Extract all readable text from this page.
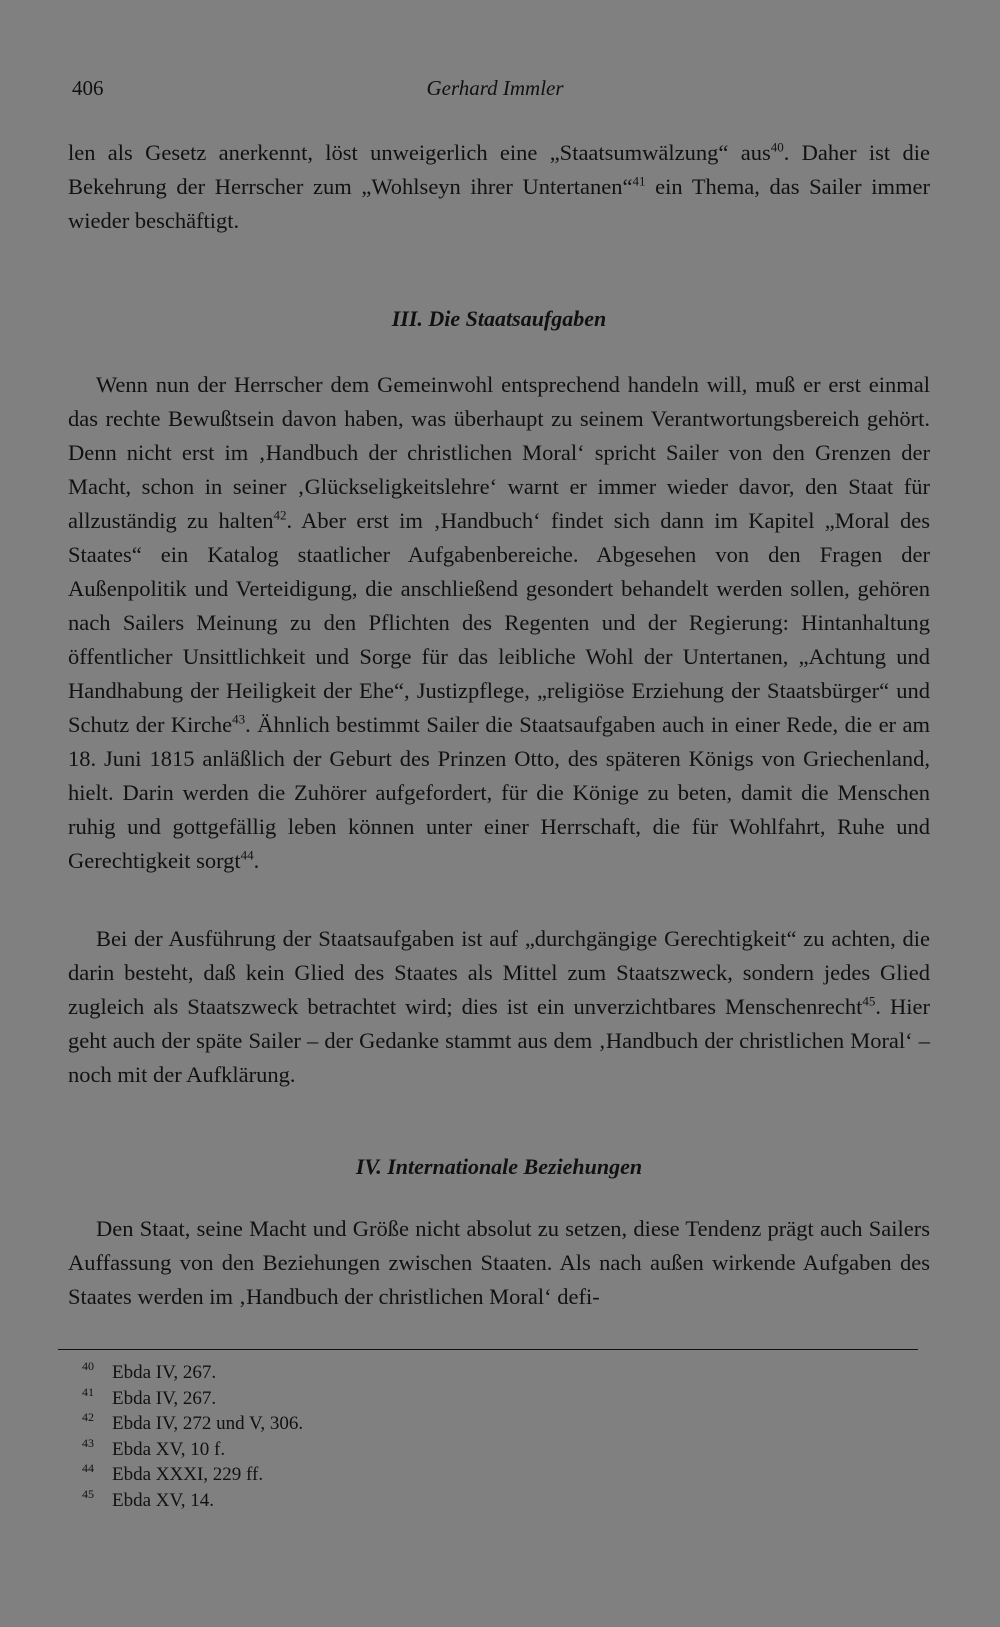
406	Gerhard Immler

len als Gesetz anerkennt, löst unweigerlich eine „Staatsumwälzung“ aus$^{40}$. Daher ist die Bekehrung der Herrscher zum „Wohlseyn ihrer Untertanen“$^{41}$ ein Thema, das Sailer immer wieder beschäftigt.

III. Die Staatsaufgaben

Wenn nun der Herrscher dem Gemeinwohl entsprechend handeln will, muß er erst einmal das rechte Bewußtsein davon haben, was überhaupt zu seinem Verantwortungsbereich gehört. Denn nicht erst im ‚Handbuch der christlichen Moral‘ spricht Sailer von den Grenzen der Macht, schon in seiner ‚Glückseligkeitslehre‘ warnt er immer wieder davor, den Staat für allzuständig zu halten$^{42}$. Aber erst im ‚Handbuch‘ findet sich dann im Kapitel „Moral des Staates“ ein Katalog staatlicher Aufgabenbereiche. Abgesehen von den Fragen der Außenpolitik und Verteidigung, die anschließend gesondert behandelt werden sollen, gehören nach Sailers Meinung zu den Pflichten des Regenten und der Regierung: Hintanhaltung öffentlicher Unsittlichkeit und Sorge für das leibliche Wohl der Untertanen, „Achtung und Handhabung der Heiligkeit der Ehe“, Justizpflege, „religiöse Erziehung der Staatsbürger“ und Schutz der Kirche$^{43}$. Ähnlich bestimmt Sailer die Staatsaufgaben auch in einer Rede, die er am 18. Juni 1815 anläßlich der Geburt des Prinzen Otto, des späteren Königs von Griechenland, hielt. Darin werden die Zuhörer aufgefordert, für die Könige zu beten, damit die Menschen ruhig und gottgefällig leben können unter einer Herrschaft, die für Wohlfahrt, Ruhe und Gerechtigkeit sorgt$^{44}$.

Bei der Ausführung der Staatsaufgaben ist auf „durchgängige Gerechtigkeit“ zu achten, die darin besteht, daß kein Glied des Staates als Mittel zum Staatszweck, sondern jedes Glied zugleich als Staatszweck betrachtet wird; dies ist ein unverzichtbares Menschenrecht$^{45}$. Hier geht auch der späte Sailer – der Gedanke stammt aus dem ‚Handbuch der christlichen Moral‘ – noch mit der Aufklärung.

IV. Internationale Beziehungen

Den Staat, seine Macht und Größe nicht absolut zu setzen, diese Tendenz prägt auch Sailers Auffassung von den Beziehungen zwischen Staaten. Als nach außen wirkende Aufgaben des Staates werden im ‚Handbuch der christlichen Moral‘ defi-

40 Ebda IV, 267.
41 Ebda IV, 267.
42 Ebda IV, 272 und V, 306.
43 Ebda XV, 10 f.
44 Ebda XXXI, 229 ff.
45 Ebda XV, 14.
